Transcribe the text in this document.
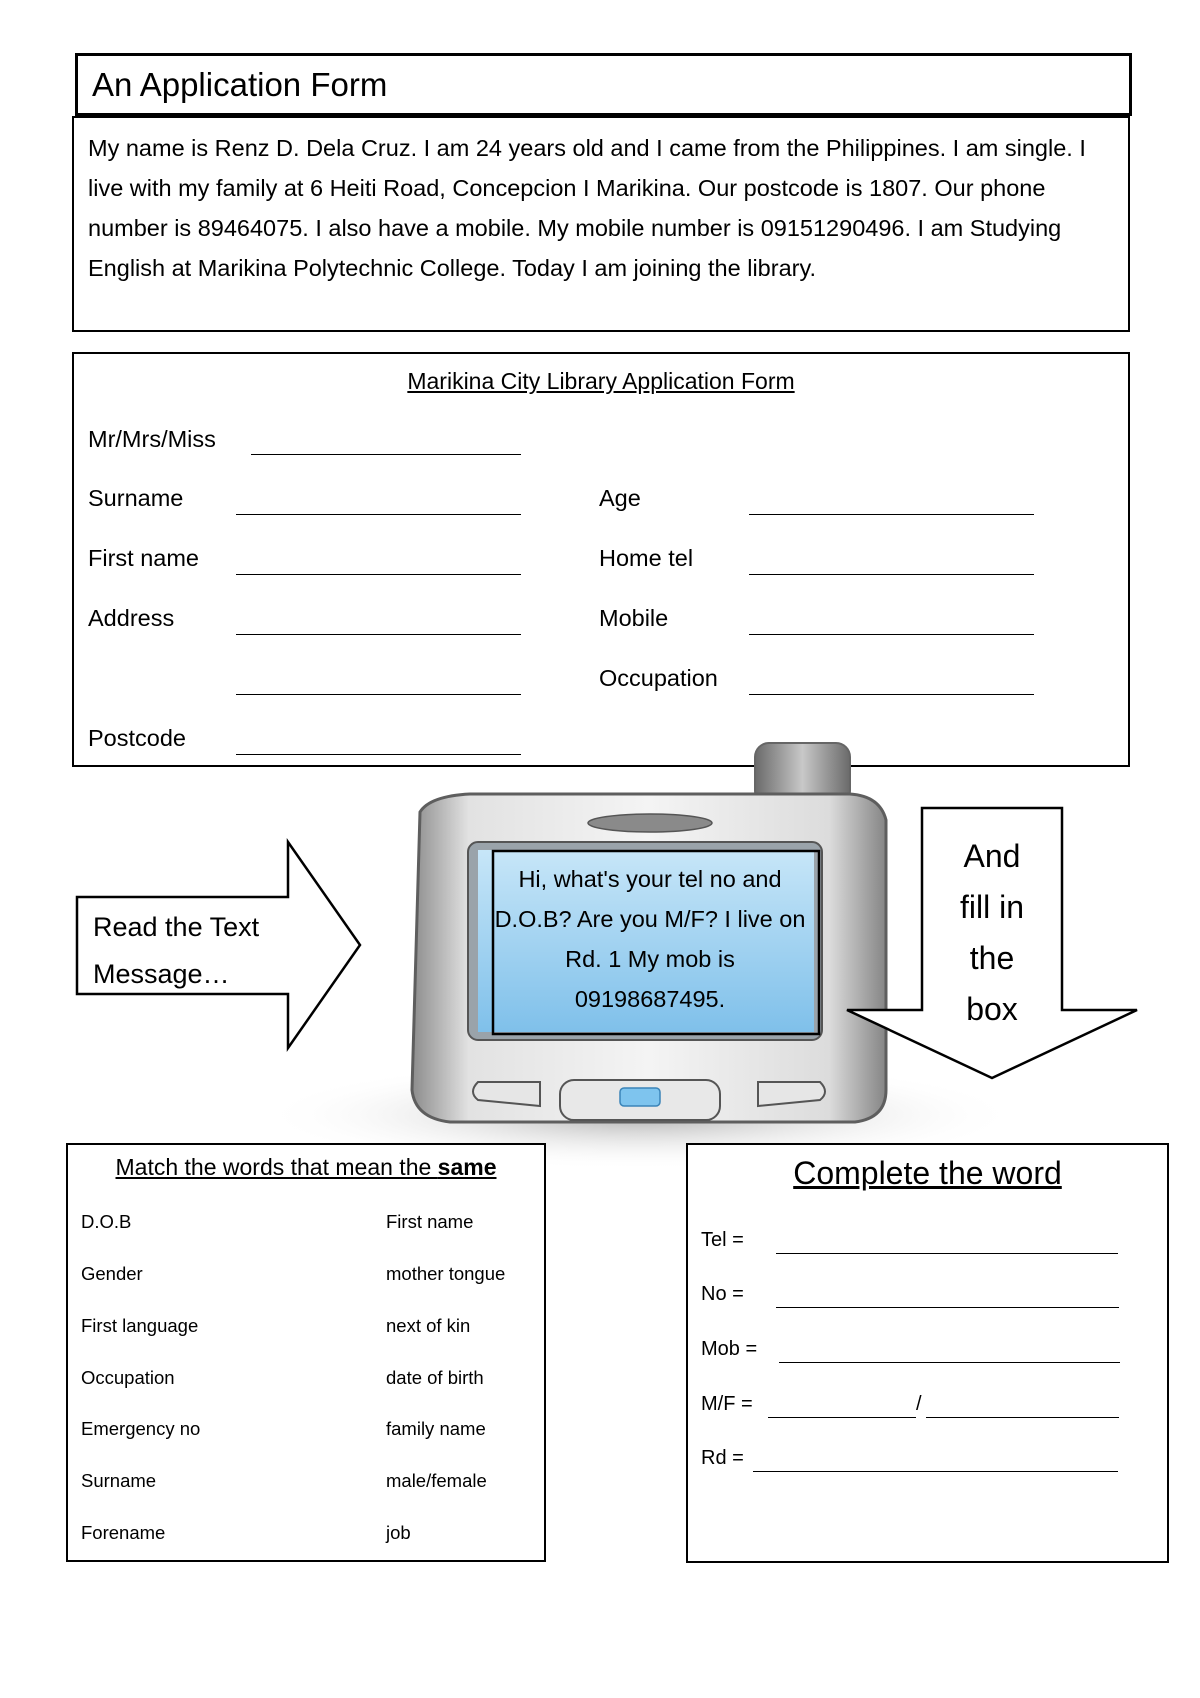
An Application Form

My name is Renz D. Dela Cruz. I am 24 years old and I came from the Philippines. I am single. I live with my family at 6 Heiti Road, Concepcion I Marikina. Our postcode is 1807. Our phone number is 89464075. I also have a mobile. My mobile number is 09151290496. I am Studying English at Marikina Polytechnic College. Today I am joining the library.

Marikina City Library Application Form
Mr/Mrs/Miss
Surname
First name
Address
Postcode
Age
Home tel
Mobile
Occupation
Hi, what's your tel no and D.O.B? Are you M/F? I live on Rd. 1 My mob is 09198687495.
Read the Text
Message…
And
fill in
the
box
Match the words that mean the same
D.O.B
Gender
First language
Occupation
Emergency no
Surname
Forename
First name
mother tongue
next of kin
date of birth
family name
male/female
job
Complete the word
Tel =
No =
Mob =
M/F =	/
Rd =
